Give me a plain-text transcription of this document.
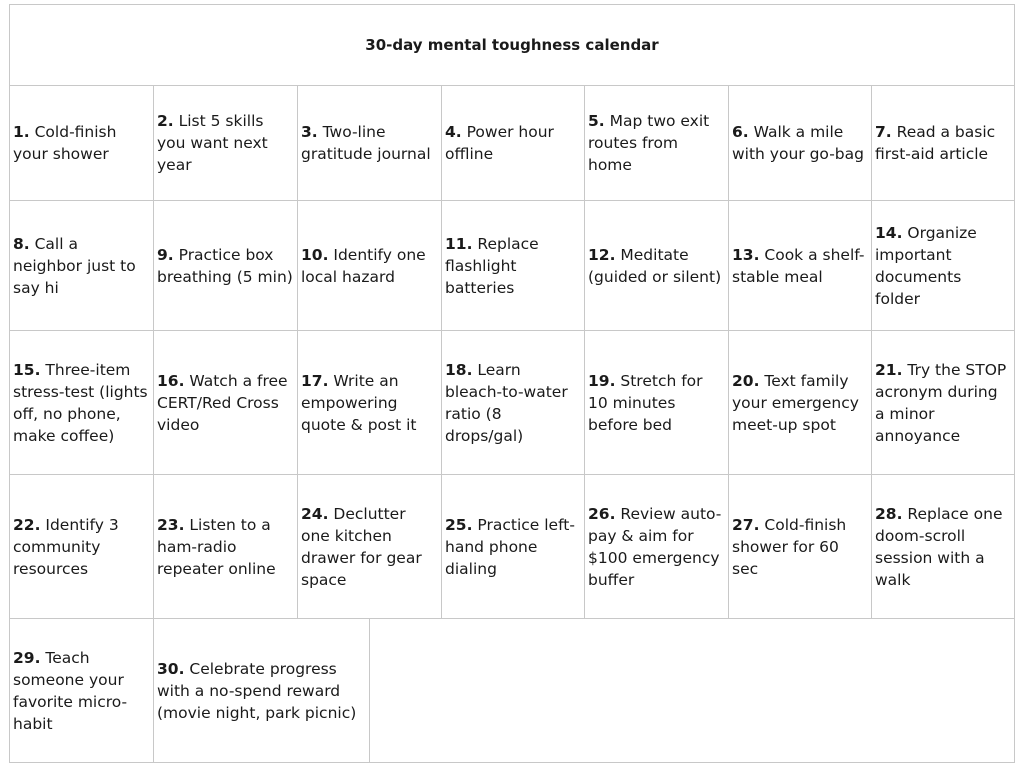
30-day mental toughness calendar
1. Cold-finish your shower
2. List 5 skills you want next year
3. Two-line gratitude journal
4. Power hour offline
5. Map two exit routes from home
6. Walk a mile with your go-bag
7. Read a basic first-aid article
8. Call a neighbor just to say hi
9. Practice box breathing (5 min)
10. Identify one local hazard
11. Replace flashlight batteries
12. Meditate (guided or silent)
13. Cook a shelf-stable meal
14. Organize important documents folder
15. Three-item stress-test (lights off, no phone, make coffee)
16. Watch a free CERT/Red Cross video
17. Write an empowering quote & post it
18. Learn bleach-to-water ratio (8 drops/gal)
19. Stretch for 10 minutes before bed
20. Text family your emergency meet-up spot
21. Try the STOP acronym during a minor annoyance
22. Identify 3 community resources
23. Listen to a ham-radio repeater online
24. Declutter one kitchen drawer for gear space
25. Practice left-hand phone dialing
26. Review auto-pay & aim for $100 emergency buffer
27. Cold-finish shower for 60 sec
28. Replace one doom-scroll session with a walk
29. Teach someone your favorite micro-habit
30. Celebrate progress with a no-spend reward (movie night, park picnic)
